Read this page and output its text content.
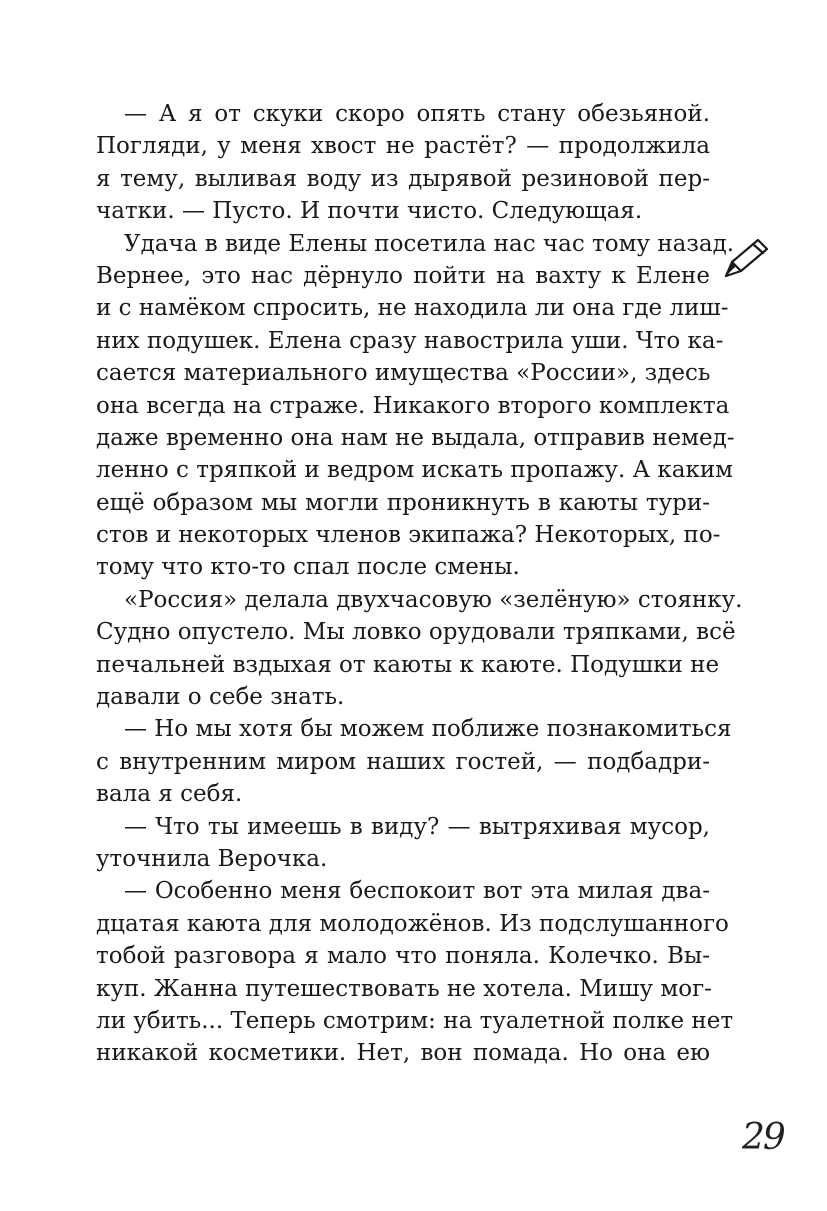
— А я от скуки скоро опять стану обезьяной.
Погляди, у меня хвост не растёт? — продолжила
я тему, выливая воду из дырявой резиновой пер-
чатки. — Пусто. И почти чисто. Следующая.
Удача в виде Елены посетила нас час тому назад.
Вернее, это нас дёрнуло пойти на вахту к Елене
и с намёком спросить, не находила ли она где лиш-
них подушек. Елена сразу навострила уши. Что ка-
сается материального имущества «России», здесь
она всегда на страже. Никакого второго комплекта
даже временно она нам не выдала, отправив немед-
ленно с тряпкой и ведром искать пропажу. А каким
ещё образом мы могли проникнуть в каюты тури-
стов и некоторых членов экипажа? Некоторых, по-
тому что кто-то спал после смены.
«Россия» делала двухчасовую «зелёную» стоянку.
Судно опустело. Мы ловко орудовали тряпками, всё
печальней вздыхая от каюты к каюте. Подушки не
давали о себе знать.
— Но мы хотя бы можем поближе познакомиться
с внутренним миром наших гостей, — подбадри-
вала я себя.
— Что ты имеешь в виду? — вытряхивая мусор,
уточнила Верочка.
— Особенно меня беспокоит вот эта милая два-
дцатая каюта для молодожёнов. Из подслушанного
тобой разговора я мало что поняла. Колечко. Вы-
куп. Жанна путешествовать не хотела. Мишу мог-
ли убить... Теперь смотрим: на туалетной полке нет
никакой косметики. Нет, вон помада. Но она ею
29
